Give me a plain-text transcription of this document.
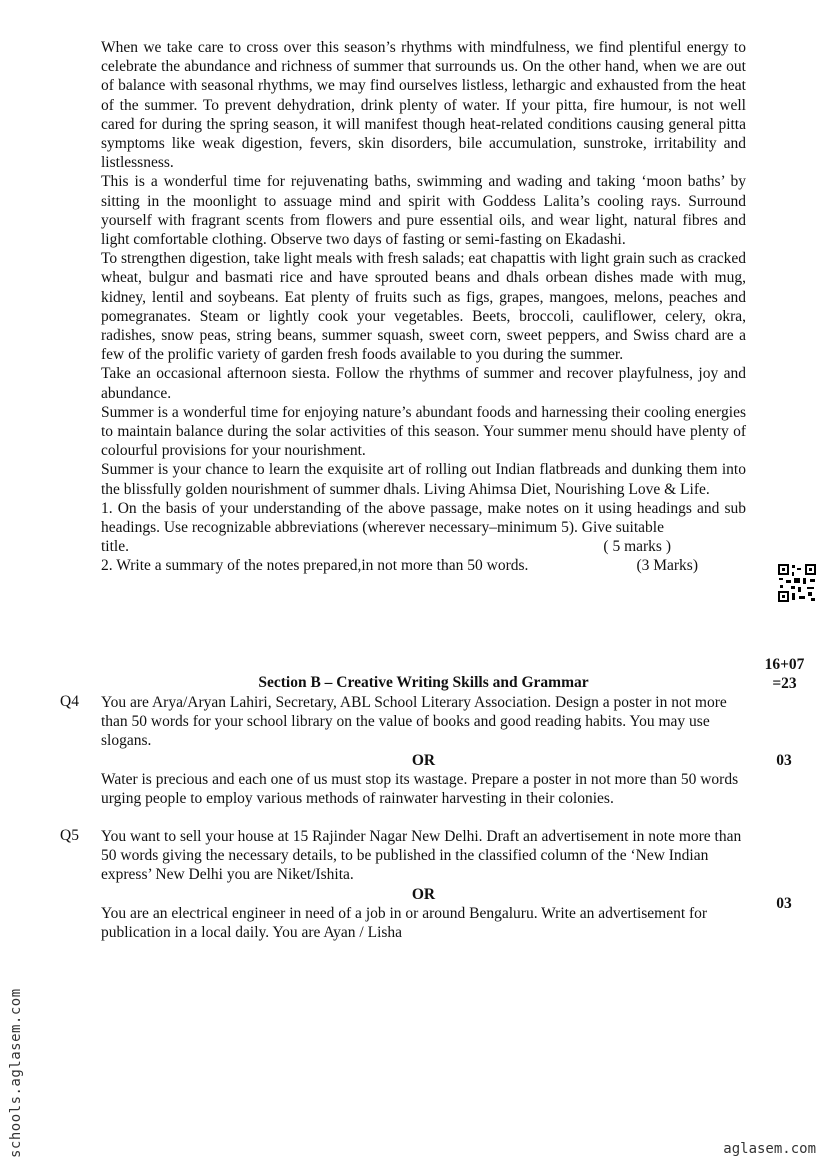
When we take care to cross over this season’s rhythms with mindfulness, we find plentiful energy to celebrate the abundance and richness of summer that surrounds us. On the other hand, when we are out of balance with seasonal rhythms, we may find ourselves listless, lethargic and exhausted from the heat of the summer. To prevent dehydration, drink plenty of water. If your pitta, fire humour, is not well cared for during the spring season, it will manifest though heat-related conditions causing general pitta symptoms like weak digestion, fevers, skin disorders, bile accumulation, sunstroke, irritability and listlessness.

This is a wonderful time for rejuvenating baths, swimming and wading and taking ‘moon baths’ by sitting in the moonlight to assuage mind and spirit with Goddess Lalita’s cooling rays. Surround yourself with fragrant scents from flowers and pure essential oils, and wear light, natural fibres and light comfortable clothing. Observe two days of fasting or semi-fasting on Ekadashi.

To strengthen digestion, take light meals with fresh salads; eat chapattis with light grain such as cracked wheat, bulgur and basmati rice and have sprouted beans and dhals orbean dishes made with mug, kidney, lentil and soybeans. Eat plenty of fruits such as figs, grapes, mangoes, melons, peaches and pomegranates. Steam or lightly cook your vegetables. Beets, broccoli, cauliflower, celery, okra, radishes, snow peas, string beans, summer squash, sweet corn, sweet peppers, and Swiss chard are a few of the prolific variety of garden fresh foods available to you during the summer.

Take an occasional afternoon siesta. Follow the rhythms of summer and recover playfulness, joy and abundance.

Summer is a wonderful time for enjoying nature’s abundant foods and harnessing their cooling energies to maintain balance during the solar activities of this season. Your summer menu should have plenty of colourful provisions for your nourishment.

Summer is your chance to learn the exquisite art of rolling out Indian flatbreads and dunking them into the blissfully golden nourishment of summer dhals. Living Ahimsa Diet, Nourishing Love & Life.

1. On the basis of your understanding of the above passage, make notes on it using headings and sub headings. Use recognizable abbreviations (wherever necessary–minimum 5). Give suitable

title.	( 5 marks )

2. Write a summary of the notes prepared,in not more than 50 words.	(3 Marks)

16+07
=23
Section B – Creative Writing Skills and Grammar
Q4 You are Arya/Aryan Lahiri, Secretary, ABL School Literary Association. Design a poster in not more than 50 words for your school library on the value of books and good reading habits. You may use slogans.

OR

Water is precious and each one of us must stop its wastage. Prepare a poster in not more than 50 words urging people to employ various methods of rainwater harvesting in their colonies.

03
Q5 You want to sell your house at 15 Rajinder Nagar New Delhi. Draft an advertisement in note more than 50 words giving the necessary details, to be published in the classified column of the ‘New Indian express’ New Delhi you are Niket/Ishita.

OR

You are an electrical engineer in need of a job in or around Bengaluru. Write an advertisement for publication in a local daily. You are Ayan / Lisha

03
schools.aglasem.com	aglasem.com
